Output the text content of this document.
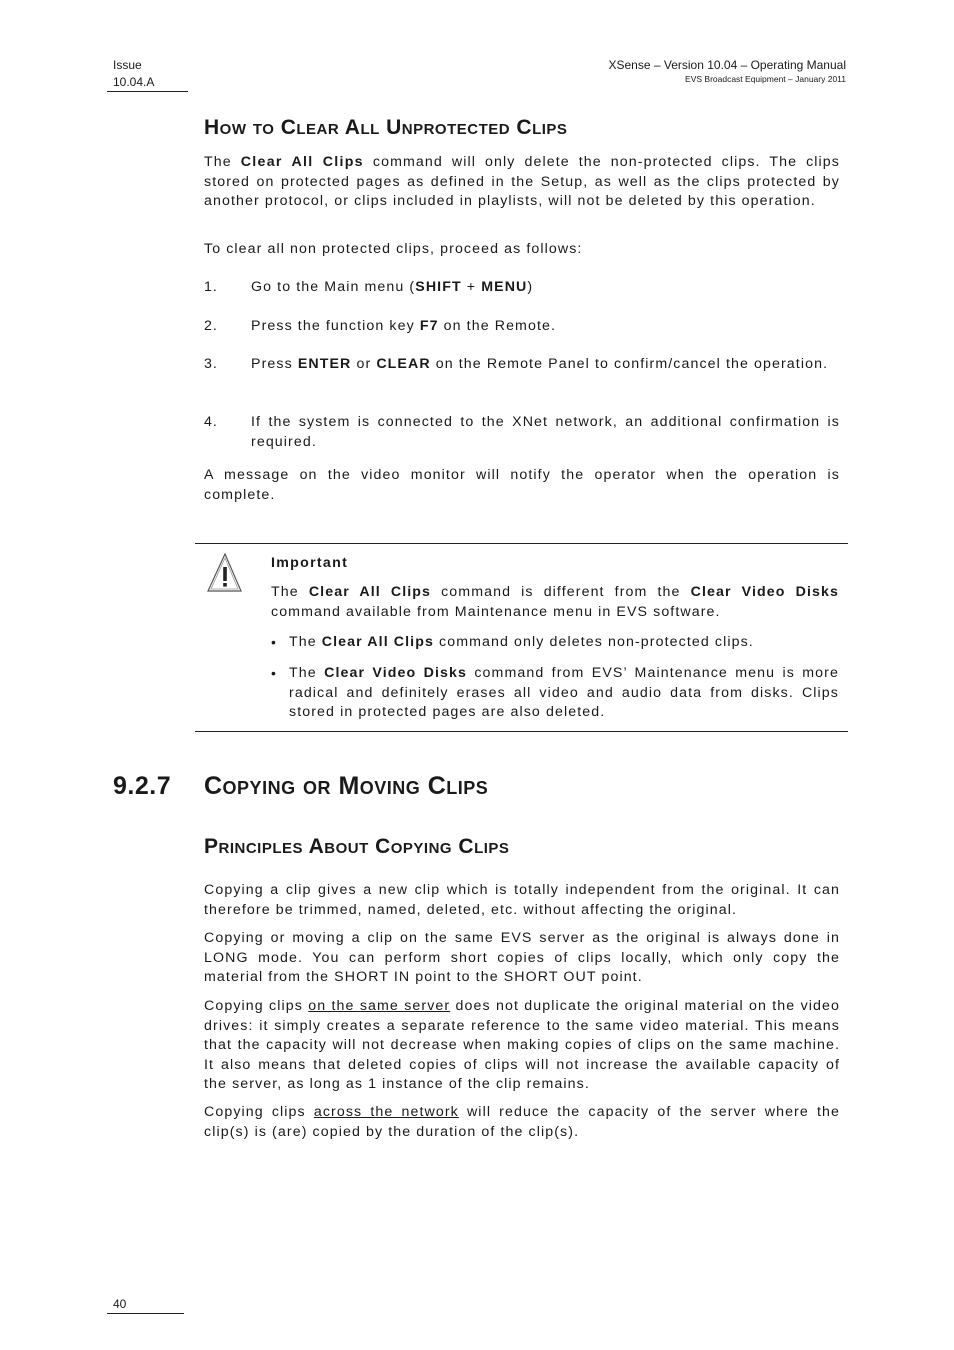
Issue
10.04.A
XSense – Version 10.04 – Operating Manual
EVS Broadcast Equipment – January 2011
How to Clear All Unprotected Clips
The Clear All Clips command will only delete the non-protected clips. The clips stored on protected pages as defined in the Setup, as well as the clips protected by another protocol, or clips included in playlists, will not be deleted by this operation.
To clear all non protected clips, proceed as follows:
1. Go to the Main menu (SHIFT + MENU)
2. Press the function key F7 on the Remote.
3. Press ENTER or CLEAR on the Remote Panel to confirm/cancel the operation.
4. If the system is connected to the XNet network, an additional confirmation is required.
A message on the video monitor will notify the operator when the operation is complete.
Important
The Clear All Clips command is different from the Clear Video Disks command available from Maintenance menu in EVS software.
• The Clear All Clips command only deletes non-protected clips.
• The Clear Video Disks command from EVS’ Maintenance menu is more radical and definitely erases all video and audio data from disks. Clips stored in protected pages are also deleted.
9.2.7 Copying or Moving Clips
Principles About Copying Clips
Copying a clip gives a new clip which is totally independent from the original. It can therefore be trimmed, named, deleted, etc. without affecting the original.
Copying or moving a clip on the same EVS server as the original is always done in LONG mode. You can perform short copies of clips locally, which only copy the material from the SHORT IN point to the SHORT OUT point.
Copying clips on the same server does not duplicate the original material on the video drives: it simply creates a separate reference to the same video material. This means that the capacity will not decrease when making copies of clips on the same machine. It also means that deleted copies of clips will not increase the available capacity of the server, as long as 1 instance of the clip remains.
Copying clips across the network will reduce the capacity of the server where the clip(s) is (are) copied by the duration of the clip(s).
40
